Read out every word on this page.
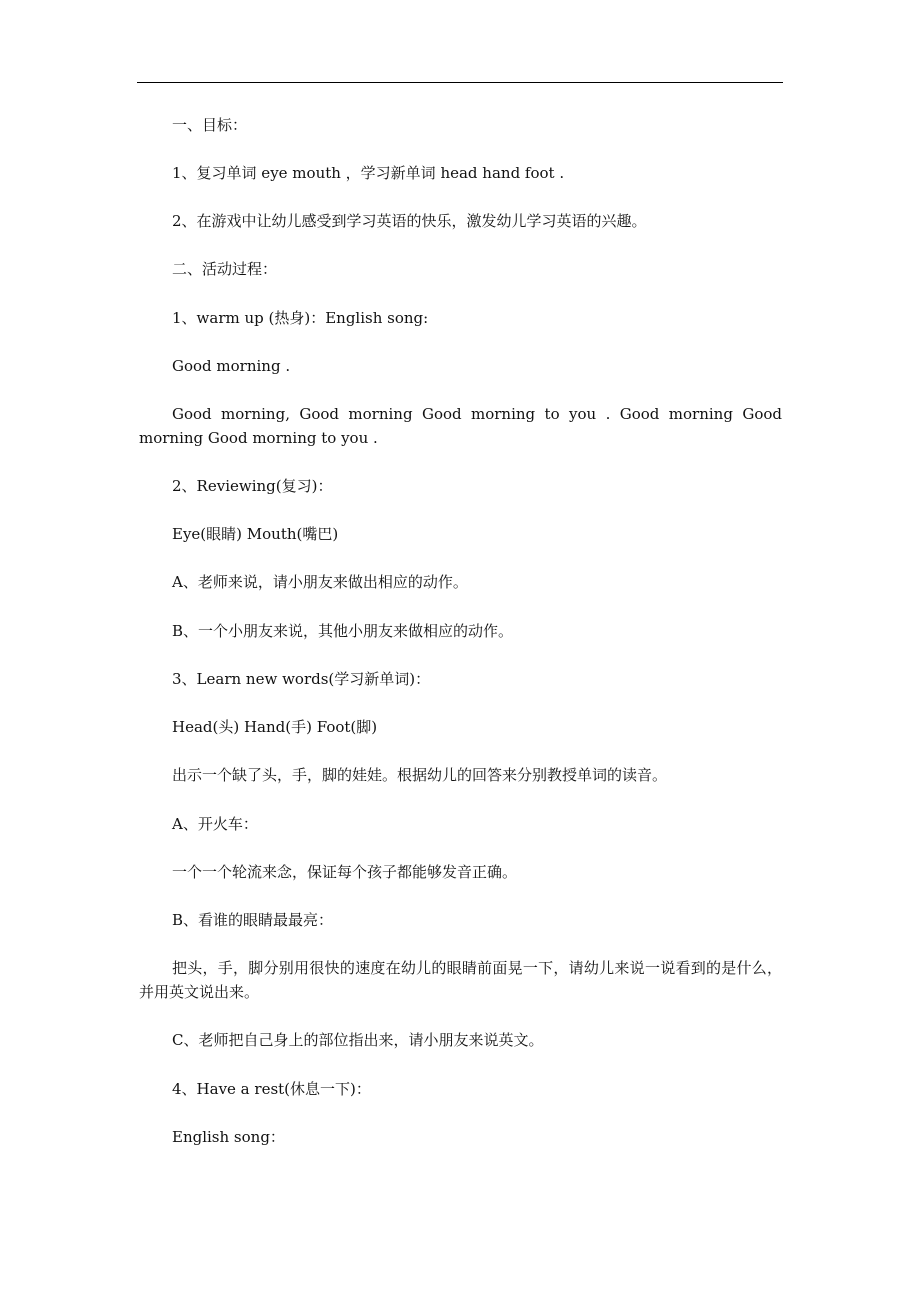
一、目标：
1、复习单词 eye mouth ，学习新单词 head hand foot .
2、在游戏中让幼儿感受到学习英语的快乐，激发幼儿学习英语的兴趣。
二、活动过程：
1、warm up (热身)：English song:
Good morning .
Good morning, Good morning Good morning to you . Good morning Good morning Good morning to you .
2、Reviewing(复习)：
Eye(眼睛) Mouth(嘴巴)
A、老师来说，请小朋友来做出相应的动作。
B、一个小朋友来说，其他小朋友来做相应的动作。
3、Learn new words(学习新单词)：
Head(头) Hand(手) Foot(脚)
出示一个缺了头，手，脚的娃娃。根据幼儿的回答来分别教授单词的读音。
A、开火车：
一个一个轮流来念，保证每个孩子都能够发音正确。
B、看谁的眼睛最最亮：
把头，手，脚分别用很快的速度在幼儿的眼睛前面晃一下，请幼儿来说一说看到的是什么，并用英文说出来。
C、老师把自己身上的部位指出来，请小朋友来说英文。
4、Have a rest(休息一下)：
English song：
